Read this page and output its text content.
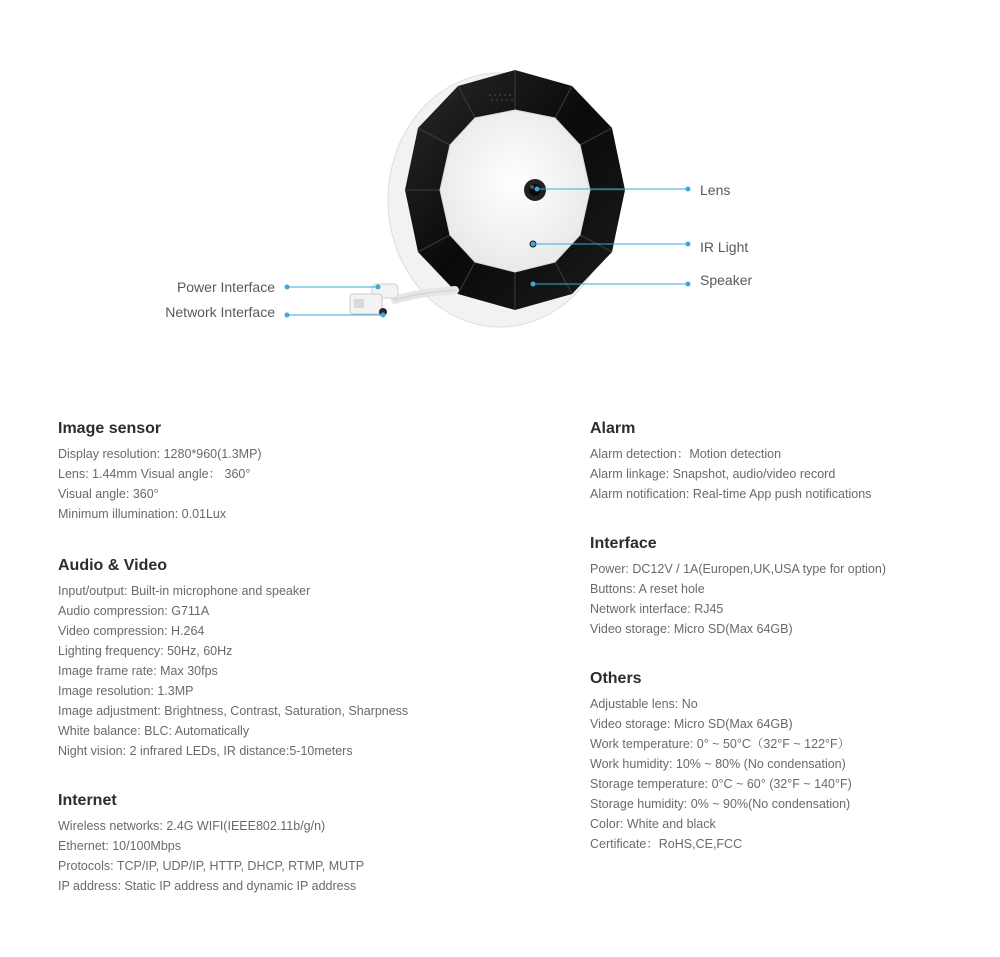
Lens
IR Light
Speaker
Power Interface
Network Interface
Image sensor
Display resolution: 1280*960(1.3MP)
Lens: 1.44mm Visual angle： 360°
Visual angle: 360°
Minimum illumination: 0.01Lux
Audio & Video
Input/output: Built-in microphone and speaker
Audio compression: G711A
Video compression: H.264
Lighting frequency: 50Hz, 60Hz
Image frame rate: Max 30fps
Image resolution: 1.3MP
Image adjustment: Brightness, Contrast, Saturation, Sharpness
White balance: BLC: Automatically
Night vision: 2 infrared LEDs, IR distance:5-10meters
Internet
Wireless networks: 2.4G WIFI(IEEE802.11b/g/n)
Ethernet: 10/100Mbps
Protocols: TCP/IP, UDP/IP, HTTP, DHCP, RTMP, MUTP
IP address: Static IP address and dynamic IP address
Alarm
Alarm detection：Motion detection
Alarm linkage: Snapshot, audio/video record
Alarm notification: Real-time App push notifications
Interface
Power: DC12V / 1A(Europen,UK,USA type for option)
Buttons: A reset hole
Network interface: RJ45
Video storage: Micro SD(Max 64GB)
Others
Adjustable lens: No
Video storage: Micro SD(Max 64GB)
Work temperature: 0° ~ 50°C（32°F ~ 122°F）
Work humidity: 10% ~ 80% (No condensation)
Storage temperature: 0°C ~ 60° (32°F ~ 140°F)
Storage humidity: 0% ~ 90%(No condensation)
Color: White and black
Certificate：RoHS,CE,FCC
